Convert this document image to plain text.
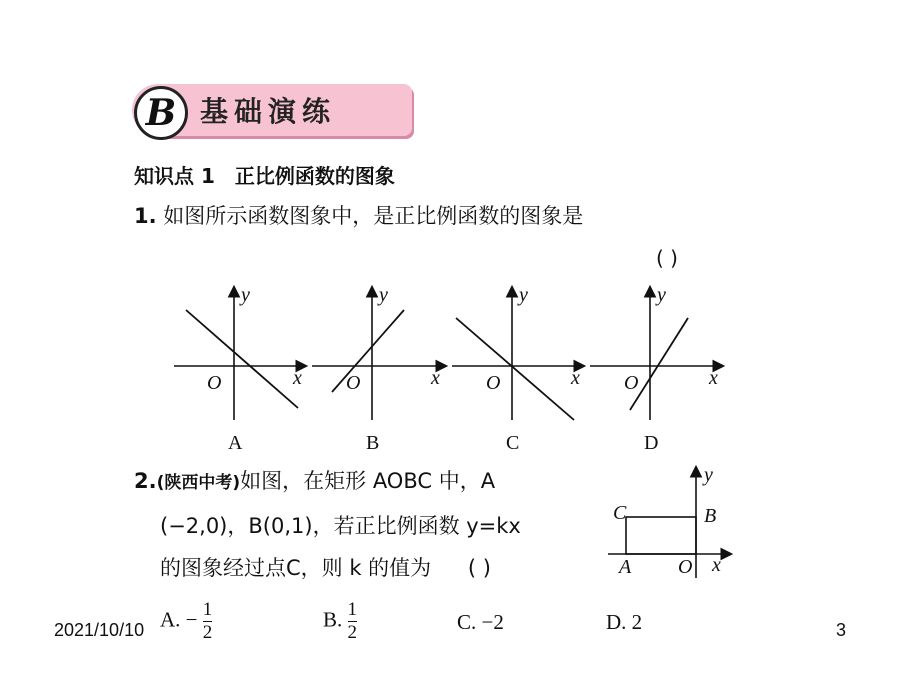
B 基础演练
知识点 1 正比例函数的图象
1. 如图所示函数图象中，是正比例函数的图象是
( )
O	x
y
A
O	x
y
B
O	x
y
C
O	x
y
D
2.(陕西中考)如图，在矩形 AOBC 中，A
(−2,0)，B(0,1)，若正比例函数 y=kx
的图象经过点C，则 k 的值为 ( )
C	B
A O x
y
A. − $\frac{1}{2}$	B. $\frac{1}{2}$	C. −2	D. 2
2021/10/10	3
